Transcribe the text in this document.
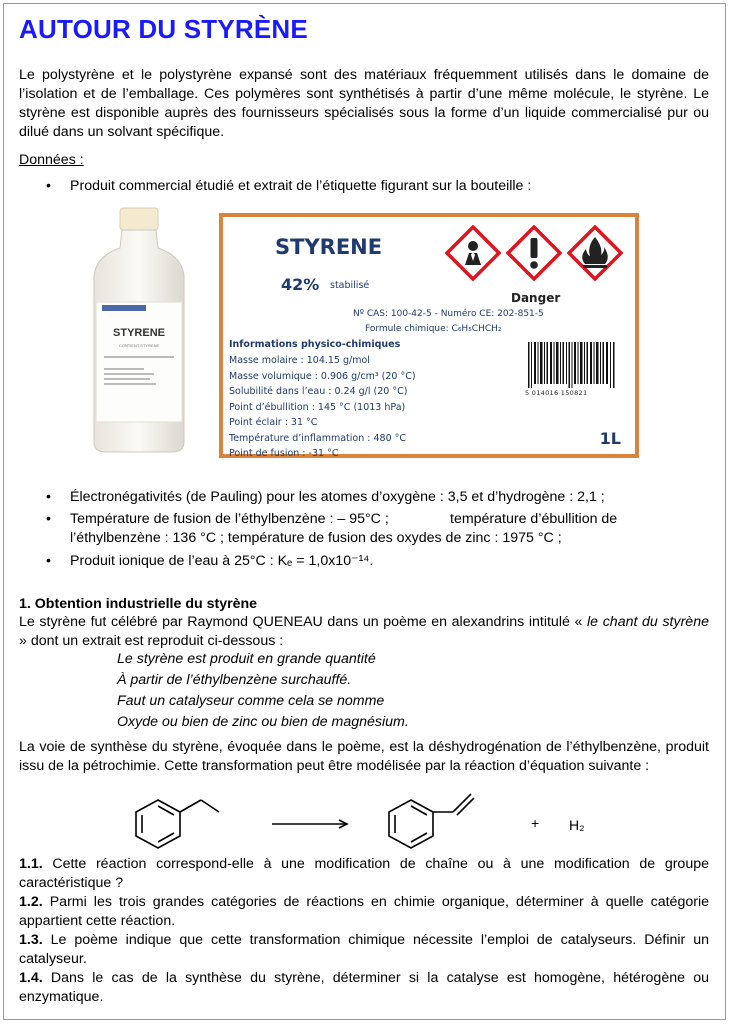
AUTOUR DU STYRÈNE

Le polystyrène et le polystyrène expansé sont des matériaux fréquemment utilisés dans le domaine de l’isolation et de l’emballage. Ces polymères sont synthétisés à partir d’une même molécule, le styrène. Le styrène est disponible auprès des fournisseurs spécialisés sous la forme d’un liquide commercialisé pur ou dilué dans un solvant spécifique.

Données :

• Produit commercial étudié et extrait de l’étiquette figurant sur la bouteille :
STYRENE
CONTIENT STYRENE
STYRENE
42% stabilisé
Danger
Nº CAS: 100-42-5 - Numéro CE: 202-851-5
Formule chimique: C₆H₅CHCH₂
Informations physico-chimiques
Masse molaire : 104.15 g/mol
Masse volumique : 0.906 g/cm³ (20 °C)
Solubilité dans l’eau : 0.24 g/l (20 °C)
Point d’ébullition : 145 °C (1013 hPa)
Point éclair : 31 °C
Température d’inflammation : 480 °C
Point de fusion : -31 °C
5 014016 150821
1L
• Électronégativités (de Pauling) pour les atomes d’oxygène : 3,5 et d’hydrogène : 2,1 ;
• Température de fusion de l’éthylbenzène : – 95°C ;	température d’ébullition de
l’éthylbenzène : 136 °C ; température de fusion des oxydes de zinc : 1975 °C ;
• Produit ionique de l’eau à 25°C : Kₑ = 1,0x10⁻¹⁴.

1. Obtention industrielle du styrène

Le styrène fut célébré par Raymond QUENEAU dans un poème en alexandrins intitulé « le chant du styrène » dont un extrait est reproduit ci-dessous :

Le styrène est produit en grande quantité
À partir de l’éthylbenzène surchauffé.
Faut un catalyseur comme cela se nomme
Oxyde ou bien de zinc ou bien de magnésium.

La voie de synthèse du styrène, évoquée dans le poème, est la déshydrogénation de l’éthylbenzène, produit issu de la pétrochimie. Cette transformation peut être modélisée par la réaction d’équation suivante :

+ H₂

1.1. Cette réaction correspond-elle à une modification de chaîne ou à une modification de groupe caractéristique ?

1.2. Parmi les trois grandes catégories de réactions en chimie organique, déterminer à quelle catégorie appartient cette réaction.

1.3. Le poème indique que cette transformation chimique nécessite l’emploi de catalyseurs. Définir un catalyseur.

1.4. Dans le cas de la synthèse du styrène, déterminer si la catalyse est homogène, hétérogène ou enzymatique.
